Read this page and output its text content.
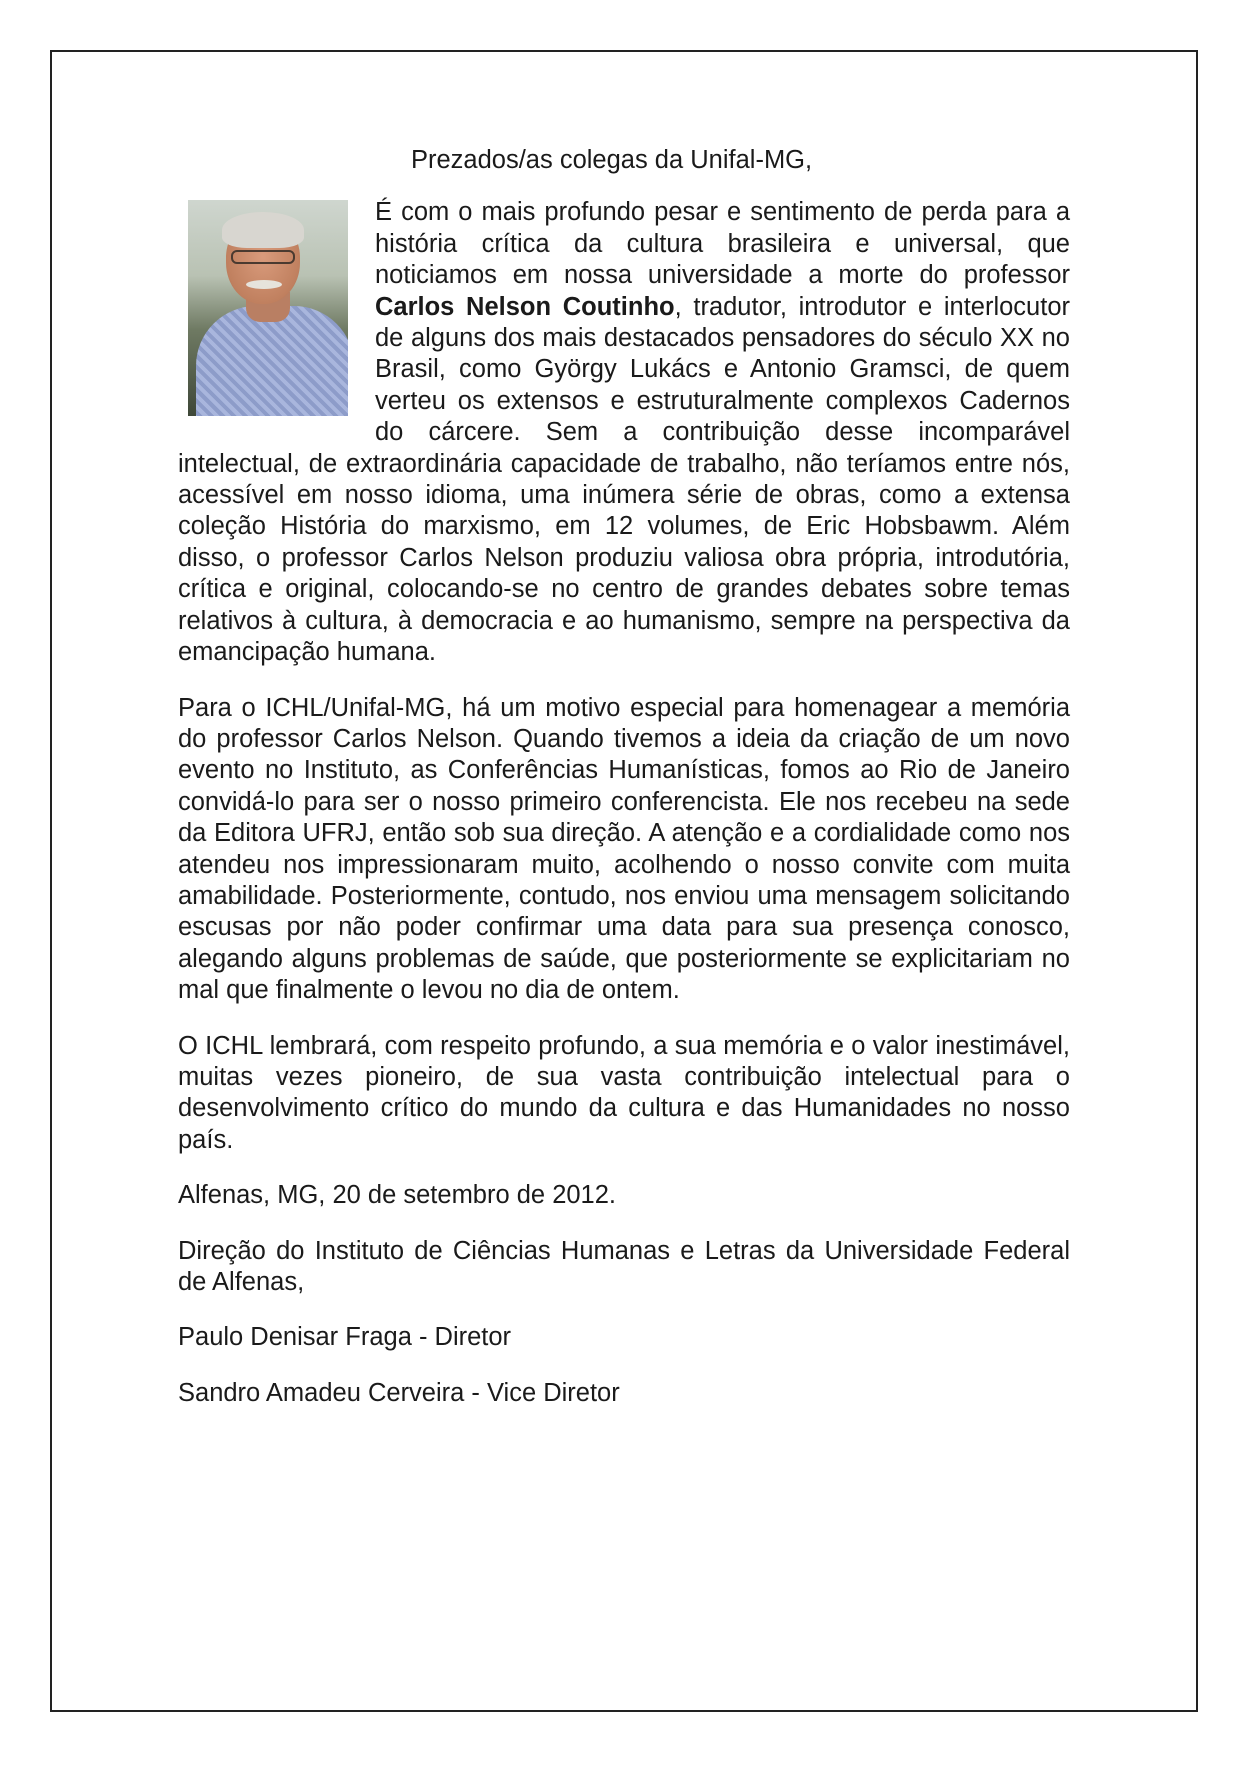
Prezados/as colegas da Unifal-MG,

É com o mais profundo pesar e sentimento de perda para a história crítica da cultura brasileira e universal, que noticiamos em nossa universidade a morte do professor Carlos Nelson Coutinho, tradutor, introdutor e interlocutor de alguns dos mais destacados pensadores do século XX no Brasil, como György Lukács e Antonio Gramsci, de quem verteu os extensos e estruturalmente complexos Cadernos do cárcere. Sem a contribuição desse incomparável intelectual, de extraordinária capacidade de trabalho, não teríamos entre nós, acessível em nosso idioma, uma inúmera série de obras, como a extensa coleção História do marxismo, em 12 volumes, de Eric Hobsbawm. Além disso, o professor Carlos Nelson produziu valiosa obra própria, introdutória, crítica e original, colocando-se no centro de grandes debates sobre temas relativos à cultura, à democracia e ao humanismo, sempre na perspectiva da emancipação humana.

Para o ICHL/Unifal-MG, há um motivo especial para homenagear a memória do professor Carlos Nelson. Quando tivemos a ideia da criação de um novo evento no Instituto, as Conferências Humanísticas, fomos ao Rio de Janeiro convidá-lo para ser o nosso primeiro conferencista. Ele nos recebeu na sede da Editora UFRJ, então sob sua direção. A atenção e a cordialidade como nos atendeu nos impressionaram muito, acolhendo o nosso convite com muita amabilidade. Posteriormente, contudo, nos enviou uma mensagem solicitando escusas por não poder confirmar uma data para sua presença conosco, alegando alguns problemas de saúde, que posteriormente se explicitariam no mal que finalmente o levou no dia de ontem.

O ICHL lembrará, com respeito profundo, a sua memória e o valor inestimável, muitas vezes pioneiro, de sua vasta contribuição intelectual para o desenvolvimento crítico do mundo da cultura e das Humanidades no nosso país.

Alfenas, MG, 20 de setembro de 2012.

Direção do Instituto de Ciências Humanas e Letras da Universidade Federal de Alfenas,

Paulo Denisar Fraga - Diretor

Sandro Amadeu Cerveira - Vice Diretor
